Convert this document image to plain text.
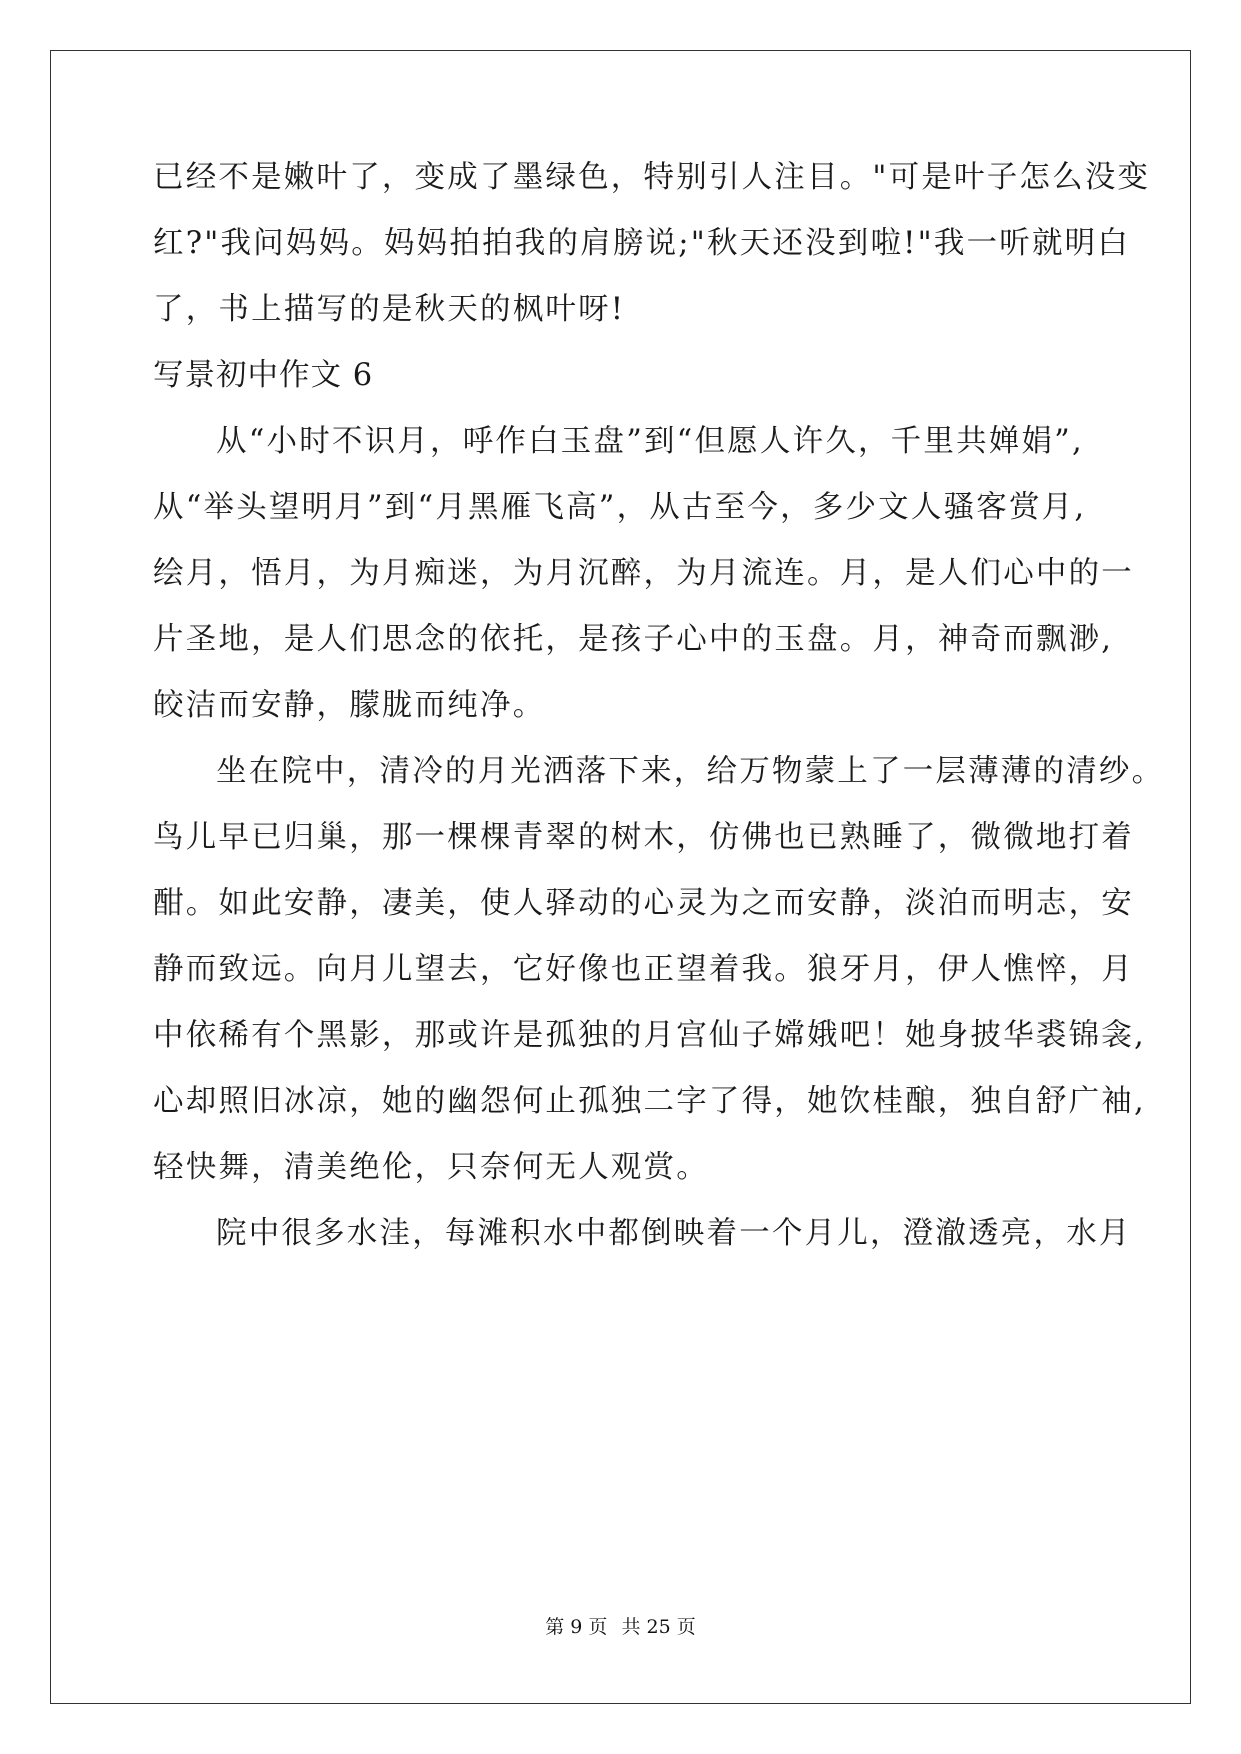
已经不是嫩叶了，变成了墨绿色，特别引人注目。"可是叶子怎么没变
红?"我问妈妈。妈妈拍拍我的肩膀说;"秋天还没到啦!"我一听就明白
了，书上描写的是秋天的枫叶呀!
写景初中作文 6
从“小时不识月，呼作白玉盘”到“但愿人许久，千里共婵娟”,
从“举头望明月”到“月黑雁飞高”，从古至今，多少文人骚客赏月,
绘月，悟月，为月痴迷，为月沉醉，为月流连。月，是人们心中的一
片圣地，是人们思念的依托，是孩子心中的玉盘。月，神奇而飘渺,
皎洁而安静，朦胧而纯净。
坐在院中，清冷的月光洒落下来，给万物蒙上了一层薄薄的清纱。
鸟儿早已归巢，那一棵棵青翠的树木，仿佛也已熟睡了，微微地打着
酣。如此安静，凄美，使人驿动的心灵为之而安静，淡泊而明志，安
静而致远。向月儿望去，它好像也正望着我。狼牙月，伊人憔悴，月
中依稀有个黑影，那或许是孤独的月宫仙子嫦娥吧！她身披华裘锦衾,
心却照旧冰凉，她的幽怨何止孤独二字了得，她饮桂酿，独自舒广袖,
轻快舞，清美绝伦，只奈何无人观赏。
院中很多水洼，每滩积水中都倒映着一个月儿，澄澈透亮，水月
第 9 页 共 25 页
